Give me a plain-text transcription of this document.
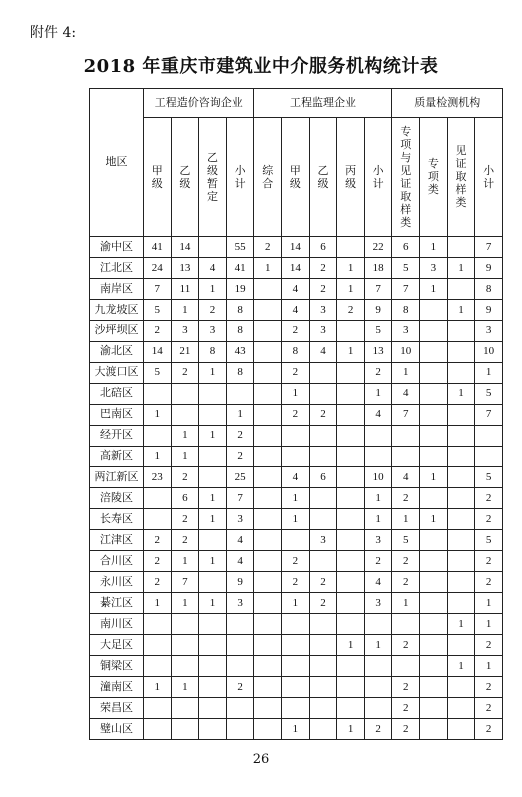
附件 4:
2018 年重庆市建筑业中介服务机构统计表
地区	工程造价咨询企业				工程监理企业					质量检测机构			
	甲级	乙级	乙级暂定	小计	综合	甲级	乙级	丙级	小计	专项与见证取样类	专项类	见证取样类	小计
渝中区	41	14		55	2	14	6		22	6	1		7
江北区	24	13	4	41	1	14	2	1	18	5	3	1	9
南岸区	7	11	1	19		4	2	1	7	7	1		8
九龙坡区	5	1	2	8		4	3	2	9	8		1	9
沙坪坝区	2	3	3	8		2	3		5	3			3
渝北区	14	21	8	43		8	4	1	13	10			10
大渡口区	5	2	1	8		2			2	1			1
北碚区						1			1	4		1	5
巴南区	1			1		2	2		4	7			7
经开区		1	1	2									
高新区	1	1		2									
两江新区	23	2		25		4	6		10	4	1		5
涪陵区		6	1	7		1			1	2			2
长寿区		2	1	3		1			1	1	1		2
江津区	2	2		4			3		3	5			5
合川区	2	1	1	4		2			2	2			2
永川区	2	7		9		2	2		4	2			2
綦江区	1	1	1	3		1	2		3	1			1
南川区												1	1
大足区								1	1	2			2
铜梁区												1	1
潼南区	1	1		2						2			2
荣昌区										2			2
璧山区						1		1	2	2			2
26
